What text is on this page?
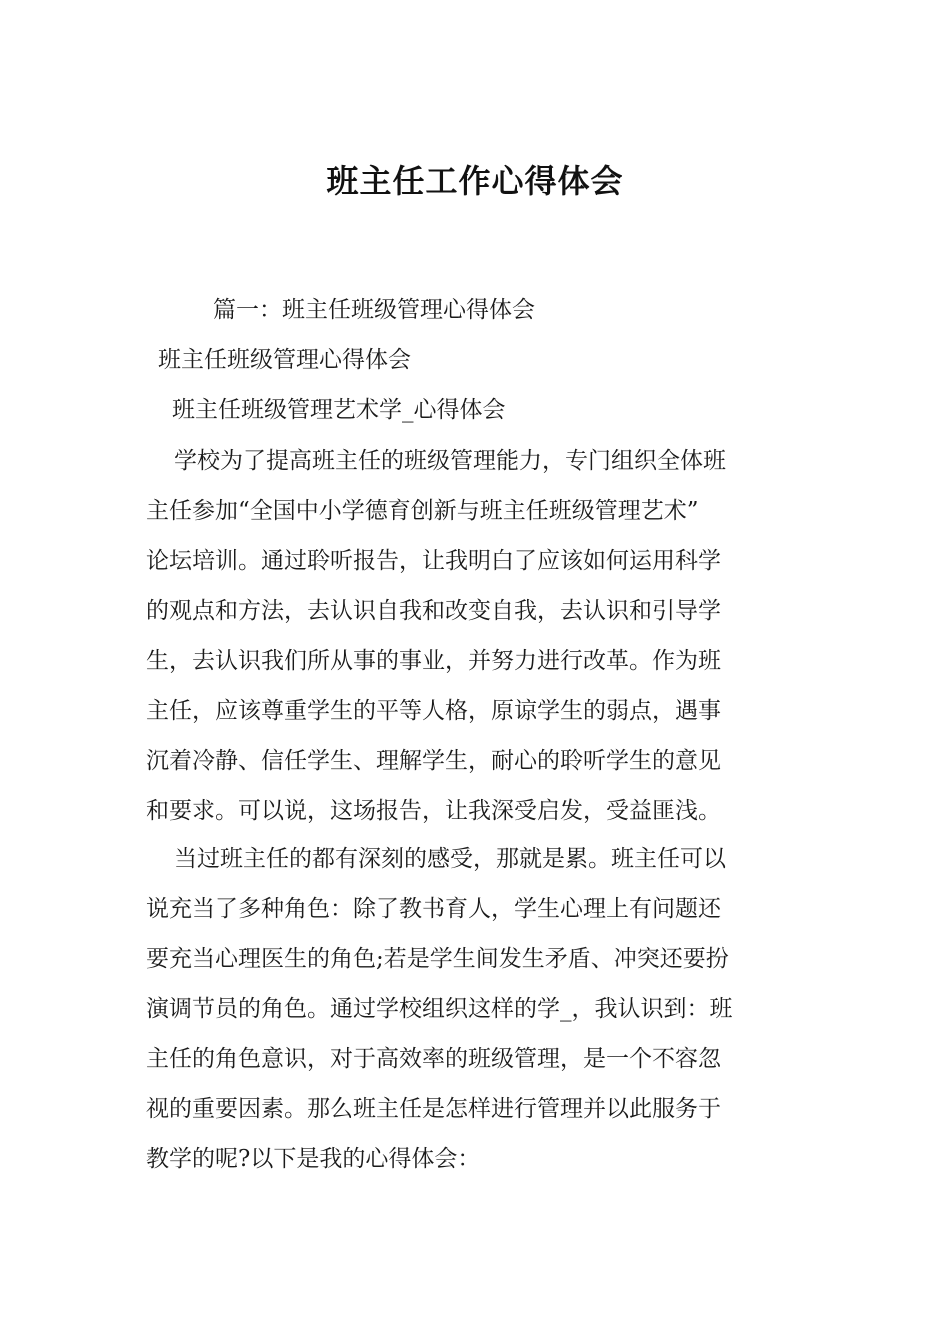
班主任工作心得体会
篇一：班主任班级管理心得体会
班主任班级管理心得体会
班主任班级管理艺术学_心得体会
学校为了提高班主任的班级管理能力，专门组织全体班
主任参加“全国中小学德育创新与班主任班级管理艺术”
论坛培训。通过聆听报告，让我明白了应该如何运用科学
的观点和方法，去认识自我和改变自我，去认识和引导学
生，去认识我们所从事的事业，并努力进行改革。作为班
主任，应该尊重学生的平等人格，原谅学生的弱点，遇事
沉着冷静、信任学生、理解学生，耐心的聆听学生的意见
和要求。可以说，这场报告，让我深受启发，受益匪浅。
当过班主任的都有深刻的感受，那就是累。班主任可以
说充当了多种角色：除了教书育人，学生心理上有问题还
要充当心理医生的角色;若是学生间发生矛盾、冲突还要扮
演调节员的角色。通过学校组织这样的学_，我认识到：班
主任的角色意识，对于高效率的班级管理，是一个不容忽
视的重要因素。那么班主任是怎样进行管理并以此服务于
教学的呢?以下是我的心得体会：
